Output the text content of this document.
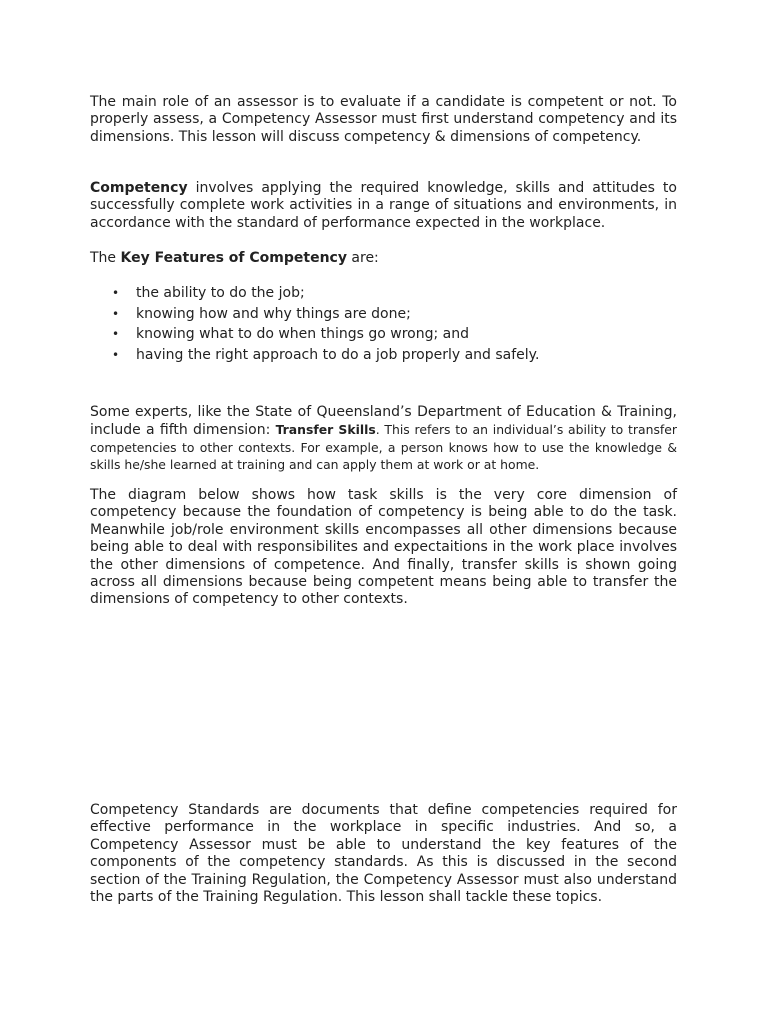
The main role of an assessor is to evaluate if a candidate is competent or not. To properly assess, a Competency Assessor must first understand competency and its dimensions. This lesson will discuss competency & dimensions of competency.

Competency involves applying the required knowledge, skills and attitudes to successfully complete work activities in a range of situations and environments, in accordance with the standard of performance expected in the workplace.

The Key Features of Competency are:

• the ability to do the job;
• knowing how and why things are done;
• knowing what to do when things go wrong; and
• having the right approach to do a job properly and safely.

Some experts, like the State of Queensland’s Department of Education & Training, include a fifth dimension: Transfer Skills. This refers to an individual’s ability to transfer competencies to other contexts. For example, a person knows how to use the knowledge & skills he/she learned at training and can apply them at work or at home.

The diagram below shows how task skills is the very core dimension of competency because the foundation of competency is being able to do the task. Meanwhile job/role environment skills encompasses all other dimensions because being able to deal with responsibilites and expectaitions in the work place involves the other dimensions of competence. And finally, transfer skills is shown going across all dimensions because being competent means being able to transfer the dimensions of competency to other contexts.

Competency Standards are documents that define competencies required for effective performance in the workplace in specific industries. And so, a Competency Assessor must be able to understand the key features of the components of the competency standards. As this is discussed in the second section of the Training Regulation, the Competency Assessor must also understand the parts of the Training Regulation. This lesson shall tackle these topics.
